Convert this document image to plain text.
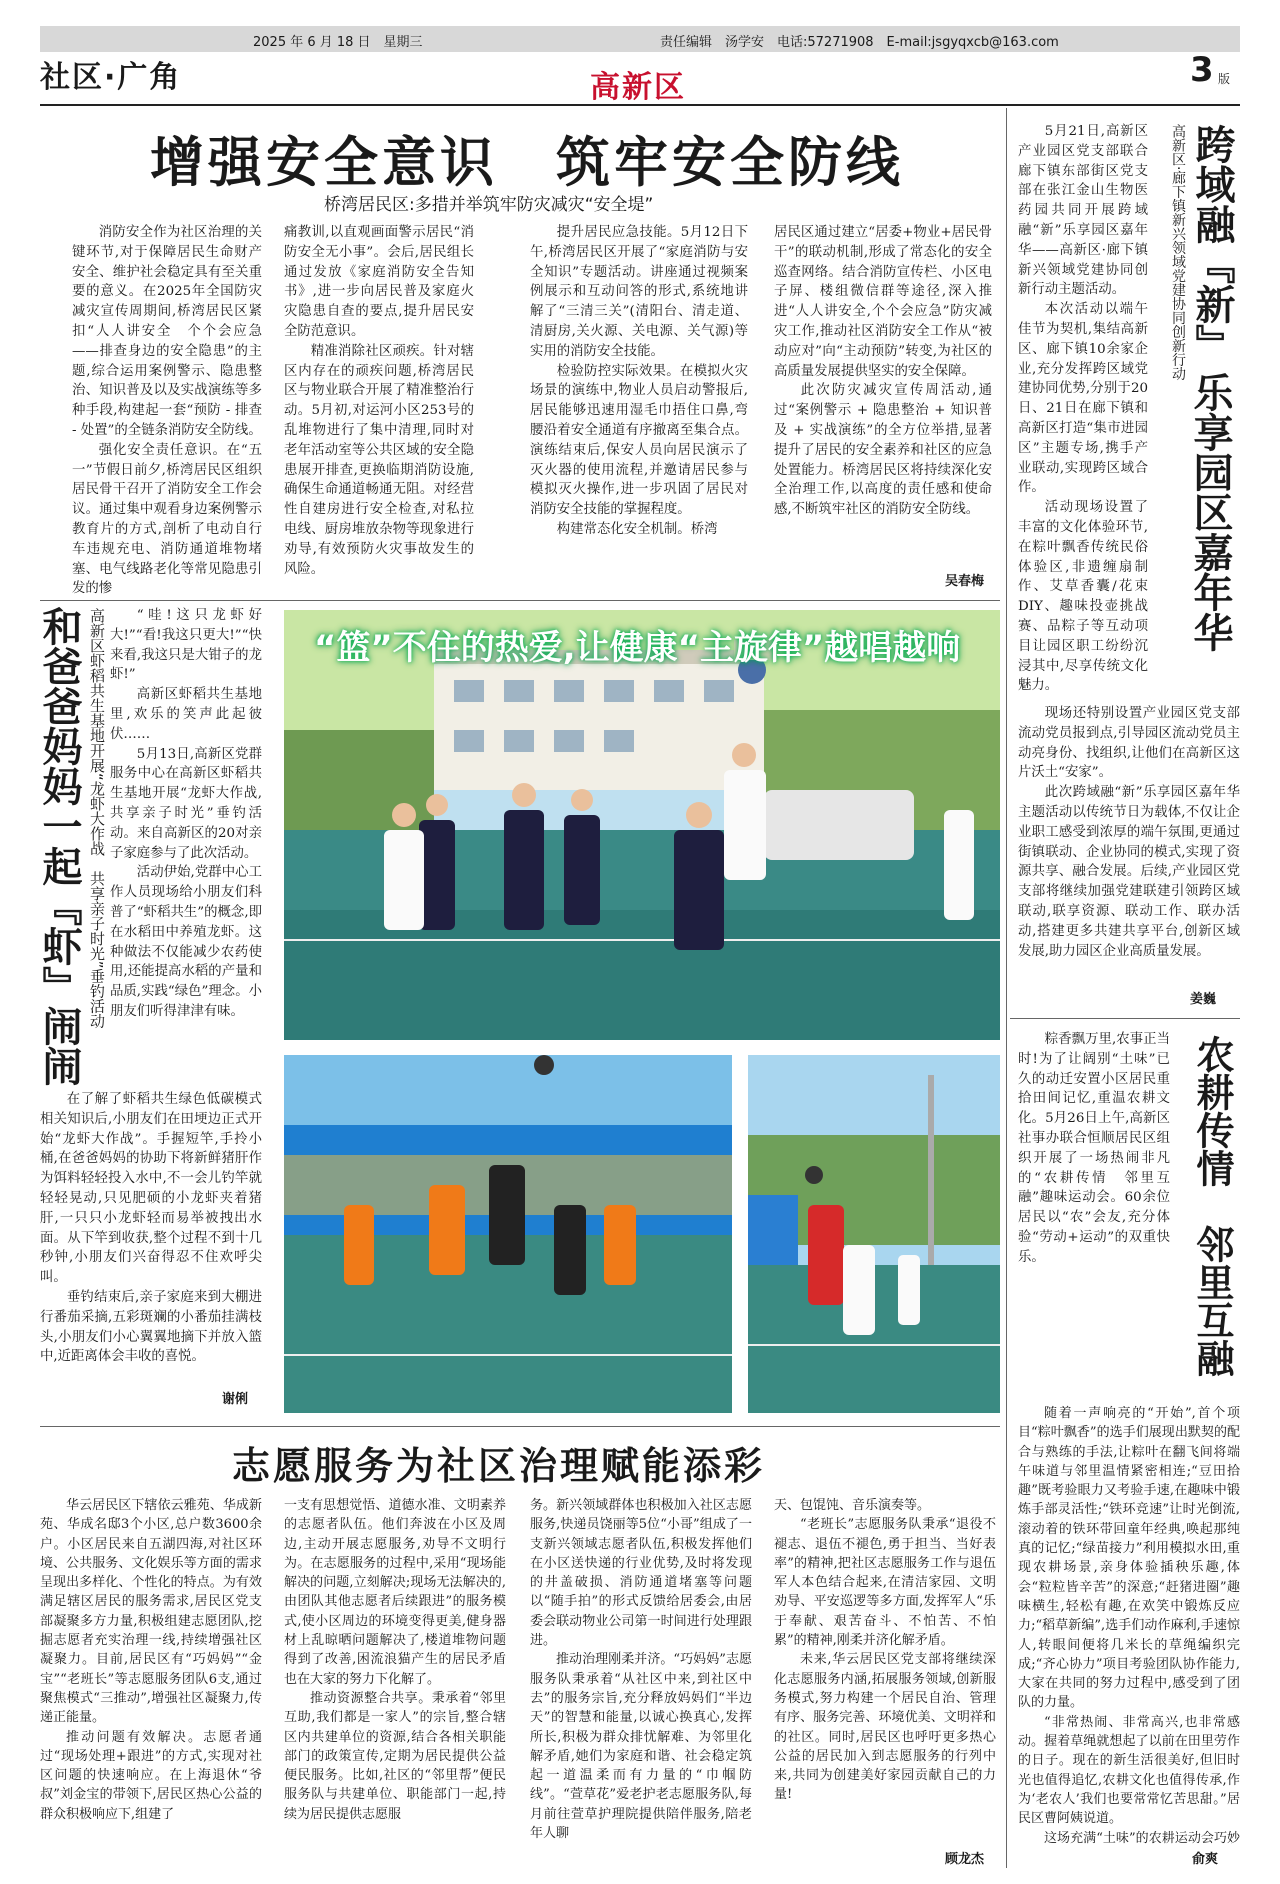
2025 年 6 月 18 日　星期三	责任编辑　汤学安　电话:57271908　E-mail:jsgyqxcb@163.com
社区·广角	高新区	3 版
增强安全意识　筑牢安全防线
桥湾居民区:多措并举筑牢防灾减灾“安全堤”

消防安全作为社区治理的关键环节,对于保障居民生命财产安全、维护社会稳定具有至关重要的意义。在2025年全国防灾减灾宣传周期间,桥湾居民区紧扣“人人讲安全　个个会应急——排查身边的安全隐患”的主题,综合运用案例警示、隐患整治、知识普及以及实战演练等多种手段,构建起一套“预防 - 排查 - 处置”的全链条消防安全防线。

强化安全责任意识。在“五一”节假日前夕,桥湾居民区组织居民骨干召开了消防安全工作会议。通过集中观看身边案例警示教育片的方式,剖析了电动自行车违规充电、消防通道堆物堵塞、电气线路老化等常见隐患引发的惨

痛教训,以直观画面警示居民“消防安全无小事”。会后,居民组长通过发放《家庭消防安全告知书》,进一步向居民普及家庭火灾隐患自查的要点,提升居民安全防范意识。

精准消除社区顽疾。针对辖区内存在的顽疾问题,桥湾居民区与物业联合开展了精准整治行动。5月初,对运河小区253号的乱堆物进行了集中清理,同时对老年活动室等公共区域的安全隐患展开排查,更换临期消防设施,确保生命通道畅通无阻。对经营性自建房进行安全检查,对私拉电线、厨房堆放杂物等现象进行劝导,有效预防火灾事故发生的风险。

提升居民应急技能。5月12日下午,桥湾居民区开展了“家庭消防与安全知识”专题活动。讲座通过视频案例展示和互动问答的形式,系统地讲解了“三清三关”(清阳台、清走道、清厨房,关火源、关电源、关气源)等实用的消防安全技能。

检验防控实际效果。在模拟火灾场景的演练中,物业人员启动警报后,居民能够迅速用湿毛巾捂住口鼻,弯腰沿着安全通道有序撤离至集合点。演练结束后,保安人员向居民演示了灭火器的使用流程,并邀请居民参与模拟灭火操作,进一步巩固了居民对消防安全技能的掌握程度。

构建常态化安全机制。桥湾

居民区通过建立“居委+物业+居民骨干”的联动机制,形成了常态化的安全巡查网络。结合消防宣传栏、小区电子屏、楼组微信群等途径,深入推进“人人讲安全,个个会应急”防灾减灾工作,推动社区消防安全工作从“被动应对”向“主动预防”转变,为社区的高质量发展提供坚实的安全保障。

此次防灾减灾宣传周活动,通过“案例警示 + 隐患整治 + 知识普及 + 实战演练”的全方位举措,显著提升了居民的安全素养和社区的应急处置能力。桥湾居民区将持续深化安全治理工作,以高度的责任感和使命感,不断筑牢社区的消防安全防线。

吴春梅

5月21日,高新区产业园区党支部联合廊下镇东部街区党支部在张江金山生物医药园共同开展跨域融“新”乐享园区嘉年华——高新区·廊下镇新兴领域党建协同创新行动主题活动。

本次活动以端午佳节为契机,集结高新区、廊下镇10余家企业,充分发挥跨区域党建协同优势,分别于20日、21日在廊下镇和高新区打造“集市进园区”主题专场,携手产业联动,实现跨区域合作。

活动现场设置了丰富的文化体验环节,在粽叶飘香传统民俗体验区,非遗缠扇制作、艾草香囊/花束DIY、趣味投壶挑战赛、品粽子等互动项目让园区职工纷纷沉浸其中,尽享传统文化魅力。

高新区·廊下镇新兴领域党建协同创新行动 跨域融『新』

乐享园区嘉年华

现场还特别设置产业园区党支部流动党员报到点,引导园区流动党员主动亮身份、找组织,让他们在高新区这片沃土“安家”。

此次跨域融“新”乐享园区嘉年华主题活动以传统节日为载体,不仅让企业职工感受到浓厚的端午氛围,更通过街镇联动、企业协同的模式,实现了资源共享、融合发展。后续,产业园区党支部将继续加强党建联建引领跨区域联动,联享资源、联动工作、联办活动,搭建更多共建共享平台,创新区域发展,助力园区企业高质量发展。

姜巍
和爸爸妈妈一起『虾』闹闹 高新区虾稻共生基地开展“龙虾大作战　共享亲子时光”垂钓活动	“哇!这只龙虾好大!”“看!我这只更大!”“快来看,我这只是大钳子的龙虾!”

高新区虾稻共生基地里,欢乐的笑声此起彼伏……

5月13日,高新区党群服务中心在高新区虾稻共生基地开展“龙虾大作战,共享亲子时光”垂钓活动。来自高新区的20对亲子家庭参与了此次活动。

活动伊始,党群中心工作人员现场给小朋友们科普了“虾稻共生”的概念,即在水稻田中养殖龙虾。这种做法不仅能减少农药使用,还能提高水稻的产量和品质,实践“绿色”理念。小朋友们听得津津有味。

在了解了虾稻共生绿色低碳模式相关知识后,小朋友们在田埂边正式开始“龙虾大作战”。手握短竿,手拎小桶,在爸爸妈妈的协助下将新鲜猪肝作为饵料轻轻投入水中,不一会儿钓竿就轻轻晃动,只见肥硕的小龙虾夹着猪肝,一只只小龙虾轻而易举被拽出水面。从下竿到收获,整个过程不到十几秒钟,小朋友们兴奋得忍不住欢呼尖叫。

垂钓结束后,亲子家庭来到大棚进行番茄采摘,五彩斑斓的小番茄挂满枝头,小朋友们小心翼翼地摘下并放入篮中,近距离体会丰收的喜悦。

谢俐
“篮”不住的热爱,让健康“主旋律”越唱越响

粽香飘万里,农事正当时!为了让阔别“土味”已久的动迁安置小区居民重拾田间记忆,重温农耕文化。5月26日上午,高新区社事办联合恒顺居民区组织开展了一场热闹非凡的“农耕传情　邻里互融”趣味运动会。60余位居民以“农”会友,充分体验“劳动+运动”的双重快乐。

农耕传情
邻里互融

随着一声响亮的“开始”,首个项目“粽叶飘香”的选手们展现出默契的配合与熟练的手法,让粽叶在翻飞间将端午味道与邻里温情紧密相连;“豆田拾趣”既考验眼力又考验手速,在趣味中锻炼手部灵活性;“铁环竞速”让时光倒流,滚动着的铁环带回童年经典,唤起那纯真的记忆;“绿苗接力”利用模拟水田,重现农耕场景,亲身体验插秧乐趣,体会“粒粒皆辛苦”的深意;“赶猪进圈”趣味横生,轻松有趣,在欢笑中锻炼反应力;“稻草新编”,选手们动作麻利,手速惊人,转眼间便将几米长的草绳编织完成;“齐心协力”项目考验团队协作能力,大家在共同的努力过程中,感受到了团队的力量。

“非常热闹、非常高兴,也非常感动。握着草绳就想起了以前在田里劳作的日子。现在的新生活很美好,但旧时光也值得追忆,农耕文化也值得传承,作为‘老农人’我们也要常常忆苦思甜。”居民区曹阿姨说道。

这场充满“土味”的农耕运动会巧妙

俞爽
志愿服务为社区治理赋能添彩

华云居民区下辖依云雅苑、华成新苑、华成名邸3个小区,总户数3600余户。小区居民来自五湖四海,对社区环境、公共服务、文化娱乐等方面的需求呈现出多样化、个性化的特点。为有效满足辖区居民的服务需求,居民区党支部凝聚多方力量,积极组建志愿团队,挖掘志愿者充实治理一线,持续增强社区凝聚力。目前,居民区有“巧妈妈”“金宝”“老班长”等志愿服务团队6支,通过聚焦模式“三推动”,增强社区凝聚力,传递正能量。

推动问题有效解决。志愿者通过“现场处理+跟进”的方式,实现对社区问题的快速响应。在上海退休“爷叔”刘金宝的带领下,居民区热心公益的群众积极响应下,组建了

一支有思想觉悟、道德水准、文明素养的志愿者队伍。他们奔波在小区及周边,主动开展志愿服务,劝导不文明行为。在志愿服务的过程中,采用“现场能解决的问题,立刻解决;现场无法解决的,由团队其他志愿者后续跟进”的服务模式,使小区周边的环境变得更美,健身器材上乱晾晒问题解决了,楼道堆物问题得到了改善,困流浪猫产生的居民矛盾也在大家的努力下化解了。

推动资源整合共享。秉承着“邻里互助,我们都是一家人”的宗旨,整合辖区内共建单位的资源,结合各相关职能部门的政策宣传,定期为居民提供公益便民服务。比如,社区的“邻里帮”便民服务队与共建单位、职能部门一起,持续为居民提供志愿服

务。新兴领域群体也积极加入社区志愿服务,快递员饶丽等5位“小哥”组成了一支新兴领域志愿者队伍,积极发挥他们在小区送快递的行业优势,及时将发现的井盖破损、消防通道堵塞等问题以“随手拍”的形式反馈给居委会,由居委会联动物业公司第一时间进行处理跟进。

推动治理刚柔并济。“巧妈妈”志愿服务队秉承着“从社区中来,到社区中去”的服务宗旨,充分释放妈妈们“半边天”的智慧和能量,以诚心换真心,发挥所长,积极为群众排忧解难、为邻里化解矛盾,她们为家庭和谐、社会稳定筑起一道温柔而有力量的“巾帼防线”。“萱草花”爱老护老志愿服务队,每月前往萱草护理院提供陪伴服务,陪老年人聊

天、包馄饨、音乐演奏等。

“老班长”志愿服务队秉承“退役不褪志、退伍不褪色,勇于担当、当好表率”的精神,把社区志愿服务工作与退伍军人本色结合起来,在清洁家园、文明劝导、平安巡逻等多方面,发挥军人“乐于奉献、艰苦奋斗、不怕苦、不怕累”的精神,刚柔并济化解矛盾。

未来,华云居民区党支部将继续深化志愿服务内涵,拓展服务领域,创新服务模式,努力构建一个居民自治、管理有序、服务完善、环境优美、文明祥和的社区。同时,居民区也呼吁更多热心公益的居民加入到志愿服务的行列中来,共同为创建美好家园贡献自己的力量!

顾龙杰
